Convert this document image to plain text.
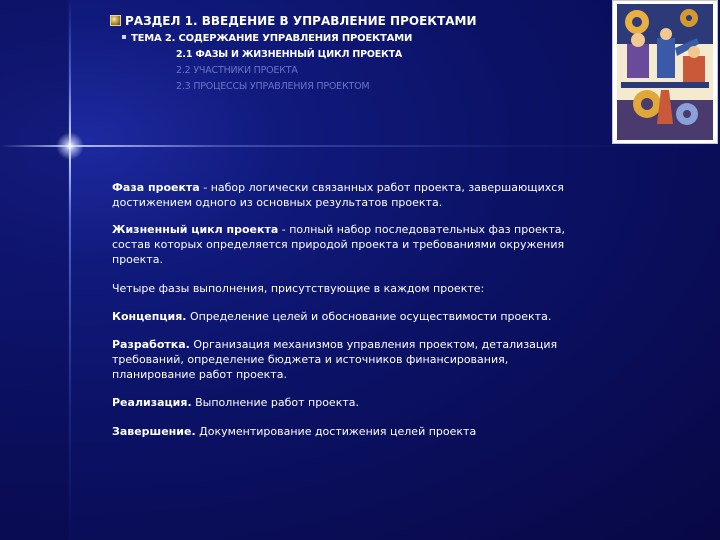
РАЗДЕЛ 1. ВВЕДЕНИЕ В УПРАВЛЕНИЕ ПРОЕКТАМИ
ТЕМА 2. СОДЕРЖАНИЕ УПРАВЛЕНИЯ ПРОЕКТАМИ
2.1 ФАЗЫ И ЖИЗНЕННЫЙ ЦИКЛ ПРОЕКТА
2.2 УЧАСТНИКИ ПРОЕКТА
2.3 ПРОЦЕССЫ УПРАВЛЕНИЯ ПРОЕКТОМ
Фаза проекта - набор логически связанных работ проекта, завершающихся достижением одного из основных результатов проекта.
Жизненный цикл проекта - полный набор последовательных фаз проекта, состав которых определяется природой проекта и требованиями окружения проекта.
Четыре фазы выполнения, присутствующие в каждом проекте:
Концепция. Определение целей и обоснование осуществимости проекта.
Разработка. Организация механизмов управления проектом, детализация требований, определение бюджета и источников финансирования, планирование работ проекта.
Реализация. Выполнение работ проекта.
Завершение. Документирование достижения целей проекта
